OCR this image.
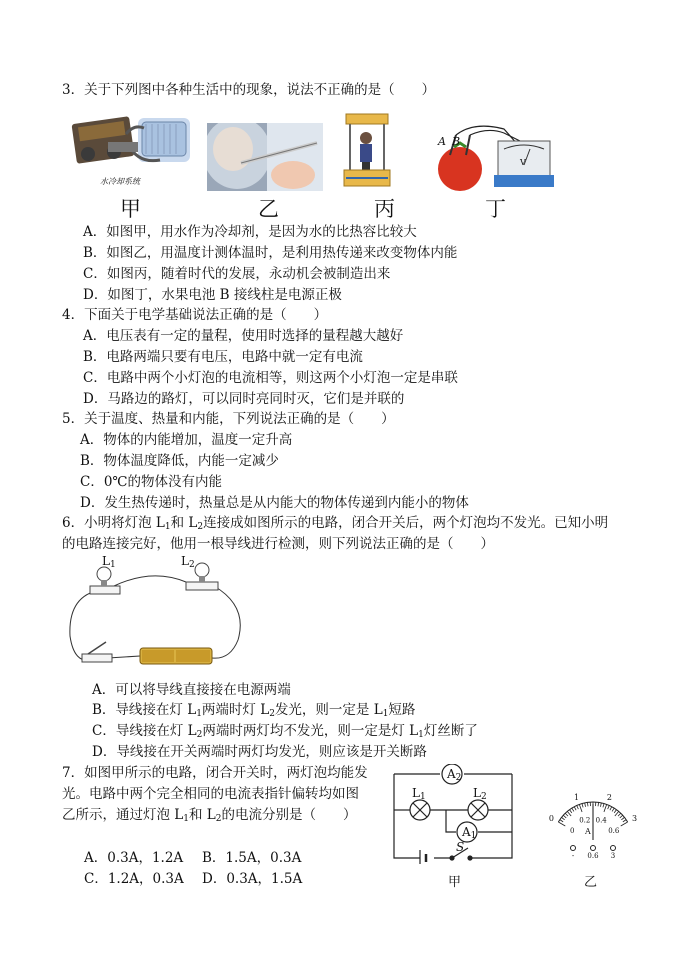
3．关于下列图中各种生活中的现象，说法不正确的是（　　）
水冷却系统
V
A B
甲	乙	丙	丁
A．如图甲，用水作为冷却剂，是因为水的比热容比较大
B．如图乙，用温度计测体温时，是利用热传递来改变物体内能
C．如图丙，随着时代的发展，永动机会被制造出来
D．如图丁，水果电池 B 接线柱是电源正极
4．下面关于电学基础说法正确的是（　　）
A．电压表有一定的量程，使用时选择的量程越大越好
B．电路两端只要有电压，电路中就一定有电流
C．电路中两个小灯泡的电流相等，则这两个小灯泡一定是串联
D．马路边的路灯，可以同时亮同时灭，它们是并联的
5．关于温度、热量和内能，下列说法正确的是（　　）
A．物体的内能增加，温度一定升高
B．物体温度降低，内能一定减少
C．0℃的物体没有内能
D．发生热传递时，热量总是从内能大的物体传递到内能小的物体
6．小明将灯泡 $L_1$和 $L_2$连接成如图所示的电路，闭合开关后，两个灯泡均不发光。已知小明
的电路连接完好，他用一根导线进行检测，则下列说法正确的是（　　）
$L_1$	$L_2$
A．可以将导线直接接在电源两端
B．导线接在灯 $L_1$两端时灯 $L_2$发光，则一定是 $L_1$短路
C．导线接在灯 $L_2$两端时两灯均不发光，则一定是灯 $L_1$灯丝断了
D．导线接在开关两端时两灯均发光，则应该是开关断路
7．如图甲所示的电路，闭合开关时，两灯泡均能发
光。电路中两个完全相同的电流表指针偏转均如图
乙所示，通过灯泡 $L_1$和 $L_2$的电流分别是（　　）
A．0.3A，1.2A B．1.5A，0.3A
C．1.2A，0.3A D．0.3A，1.5A
$A_2$
$L_1$	$L_2$
$A_1$
S
甲
0
1	2
3
0
0.2 0.4
0.6
A
- 0.6 3
乙
